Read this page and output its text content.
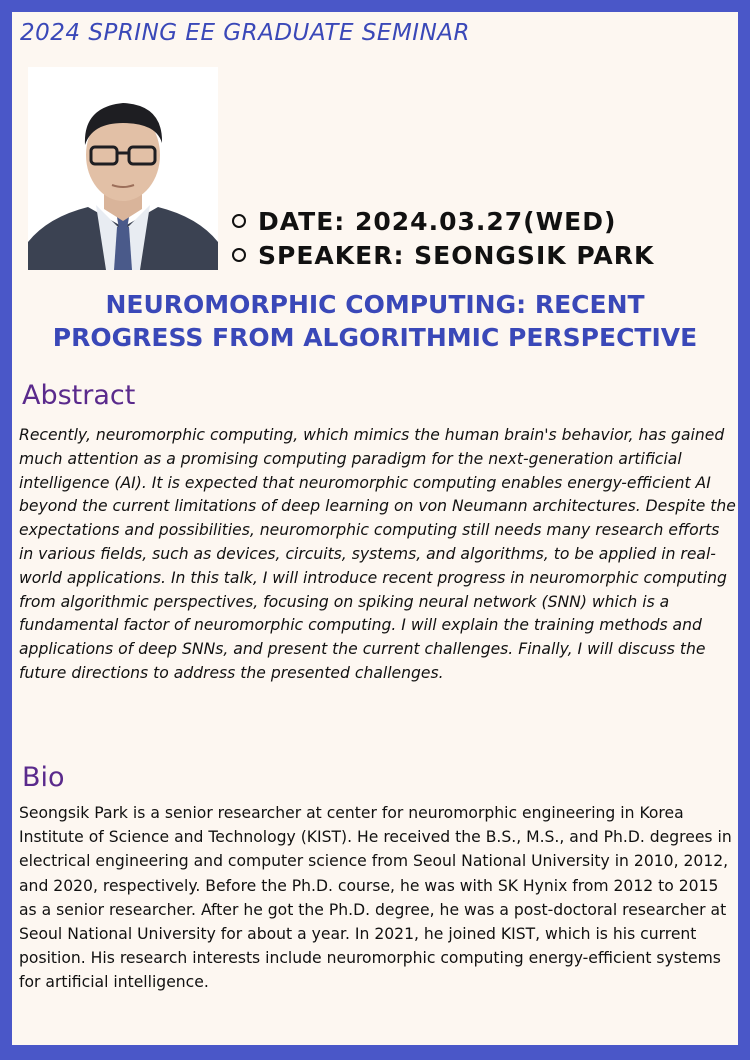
2024 SPRING EE GRADUATE SEMINAR
DATE: 2024.03.27(WED)
SPEAKER: SEONGSIK PARK
NEUROMORPHIC COMPUTING: RECENT
PROGRESS FROM ALGORITHMIC PERSPECTIVE
Abstract
Recently, neuromorphic computing, which mimics the human brain's behavior, has gained much attention as a promising computing paradigm for the next-generation artificial intelligence (AI). It is expected that neuromorphic computing enables energy-efficient AI beyond the current limitations of deep learning on von Neumann architectures. Despite the expectations and possibilities, neuromorphic computing still needs many research efforts in various fields, such as devices, circuits, systems, and algorithms, to be applied in real-world applications. In this talk, I will introduce recent progress in neuromorphic computing from algorithmic perspectives, focusing on spiking neural network (SNN) which is a fundamental factor of neuromorphic computing. I will explain the training methods and applications of deep SNNs, and present the current challenges. Finally, I will discuss the future directions to address the presented challenges.
Bio
Seongsik Park is a senior researcher at center for neuromorphic engineering in Korea Institute of Science and Technology (KIST). He received the B.S., M.S., and Ph.D. degrees in electrical engineering and computer science from Seoul National University in 2010, 2012, and 2020, respectively. Before the Ph.D. course, he was with SK Hynix from 2012 to 2015 as a senior researcher. After he got the Ph.D. degree, he was a post-doctoral researcher at Seoul National University for about a year. In 2021, he joined KIST, which is his current position. His research interests include neuromorphic computing energy-efficient systems for artificial intelligence.
